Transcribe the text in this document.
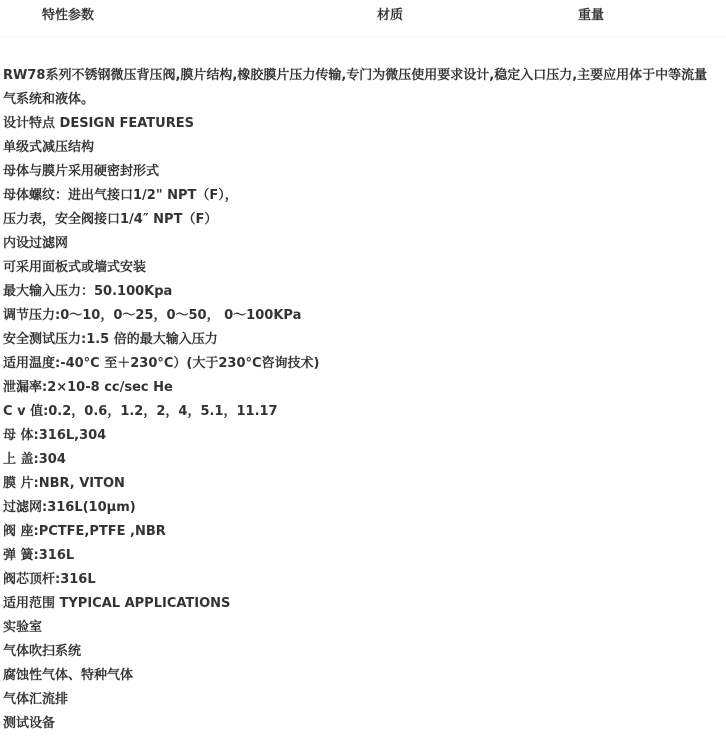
特性参数	材质	重量

RW78系列不锈钢微压背压阀,膜片结构,橡胶膜片压力传输,专门为微压使用要求设计,稳定入口压力,主要应用体于中等流量气系统和液体。

设计特点 DESIGN FEATURES

单级式减压结构

母体与膜片采用硬密封形式

母体螺纹：进出气接口1/2" NPT（F），

压力表，安全阀接口1/4″ NPT（F）

内设过滤网

可采用面板式或墙式安装

最大输入压力：50.100Kpa

调节压力:0～10，0～25，0～50， 0～100KPa

安全测试压力:1.5 倍的最大输入压力

适用温度:-40°C 至＋230°C）(大于230°C咨询技术)

泄漏率:2×10-8 cc/sec He

C v 值:0.2，0.6，1.2，2，4，5.1，11.17

母 体:316L,304

上 盖:304

膜 片:NBR, VITON

过滤网:316L(10μm)

阀 座:PCTFE,PTFE ,NBR

弹 簧:316L

阀芯顶杆:316L

适用范围 TYPICAL APPLICATIONS

实验室

气体吹扫系统

腐蚀性气体、特种气体

气体汇流排

测试设备
